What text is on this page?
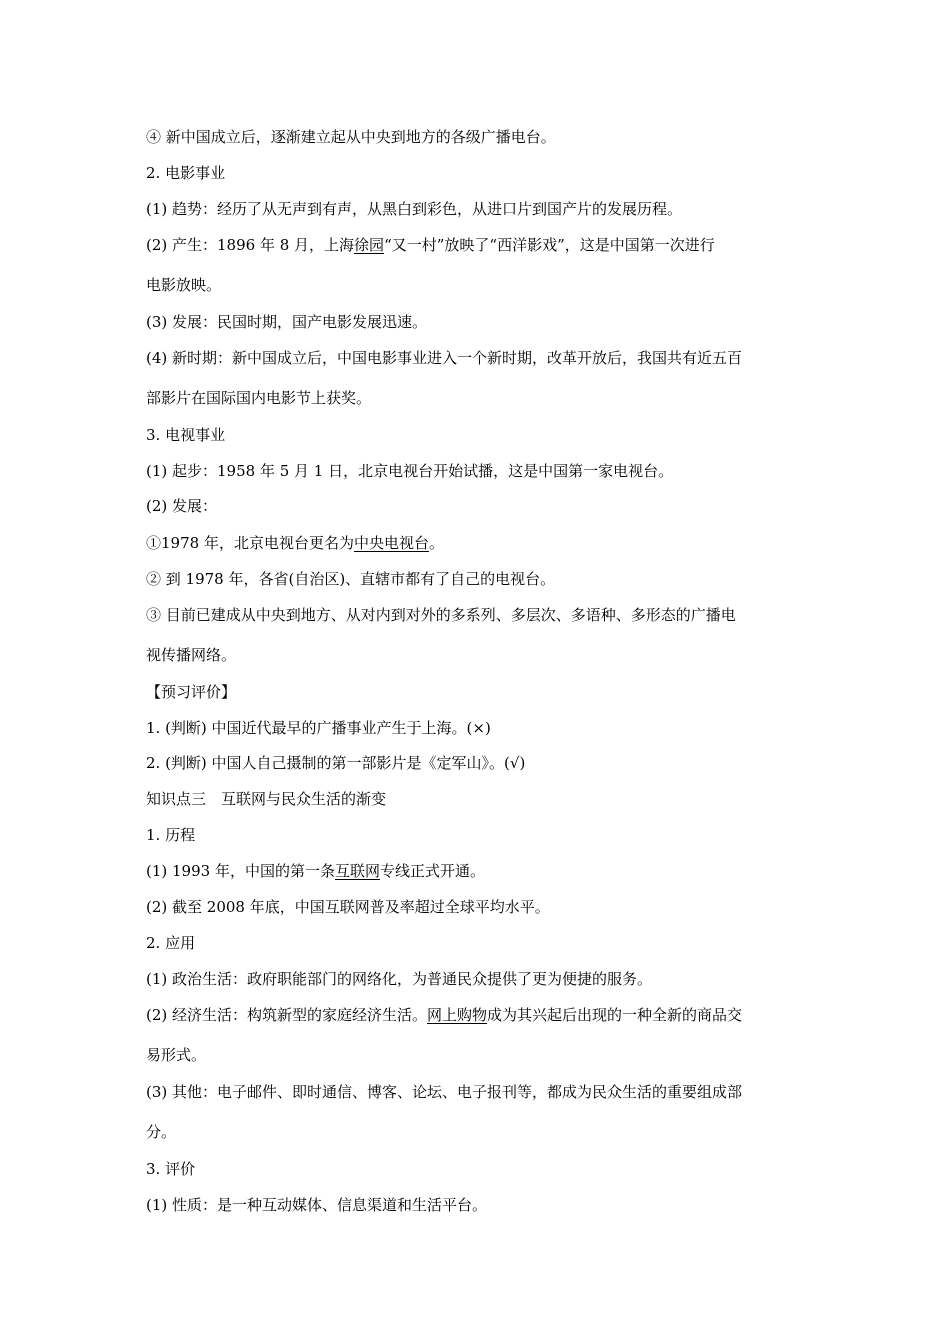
④ 新中国成立后，逐渐建立起从中央到地方的各级广播电台。
2. 电影事业
(1) 趋势：经历了从无声到有声，从黑白到彩色，从进口片到国产片的发展历程。
(2) 产生：1896 年 8 月，上海徐园“又一村”放映了“西洋影戏”，这是中国第一次进行
电影放映。
(3) 发展：民国时期，国产电影发展迅速。
(4) 新时期：新中国成立后，中国电影事业进入一个新时期，改革开放后，我国共有近五百
部影片在国际国内电影节上获奖。
3. 电视事业
(1) 起步：1958 年 5 月 1 日，北京电视台开始试播，这是中国第一家电视台。
(2) 发展：
①1978 年，北京电视台更名为中央电视台。
② 到 1978 年，各省(自治区)、直辖市都有了自己的电视台。
③ 目前已建成从中央到地方、从对内到对外的多系列、多层次、多语种、多形态的广播电
视传播网络。
【预习评价】
1. (判断) 中国近代最早的广播事业产生于上海。(×)
2. (判断) 中国人自己摄制的第一部影片是《定军山》。(√)
知识点三　互联网与民众生活的渐变
1. 历程
(1) 1993 年，中国的第一条互联网专线正式开通。
(2) 截至 2008 年底，中国互联网普及率超过全球平均水平。
2. 应用
(1) 政治生活：政府职能部门的网络化，为普通民众提供了更为便捷的服务。
(2) 经济生活：构筑新型的家庭经济生活。网上购物成为其兴起后出现的一种全新的商品交
易形式。
(3) 其他：电子邮件、即时通信、博客、论坛、电子报刊等，都成为民众生活的重要组成部
分。
3. 评价
(1) 性质：是一种互动媒体、信息渠道和生活平台。
